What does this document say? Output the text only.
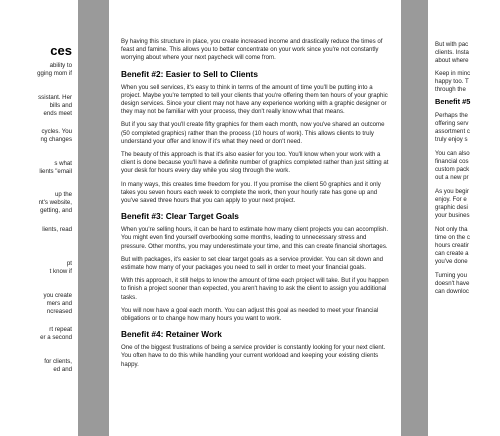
ces
ability to
gging mom if
ssistant. Her
bills and
ends meet
cycles. You
ng changes
s what
lients "email
up the
nt's website,
getting, and
lients, read
pt
t know if
you create
mers and
ncreased
rt repeat
er a second
for clients,
ed and

By having this structure in place, you create increased income and drastically reduce the times of feast and famine. This allows you to better concentrate on your work since you're not constantly worrying about where your next paycheck will come from.

Benefit #2: Easier to Sell to Clients

When you sell services, it's easy to think in terms of the amount of time you'll be putting into a project. Maybe you're tempted to tell your clients that you're offering them ten hours of your graphic design services. Since your client may not have any experience working with a graphic designer or they may not be familiar with your process, they don't really know what that means.

But if you say that you'll create fifty graphics for them each month, now you've shared an outcome (50 completed graphics) rather than the process (10 hours of work). This allows clients to truly understand your offer and know if it's what they need or don't need.

The beauty of this approach is that it's also easier for you too. You'll know when your work with a client is done because you'll have a definite number of graphics completed rather than just sitting at your desk for hours every day while you slog through the work.

In many ways, this creates time freedom for you. If you promise the client 50 graphics and it only takes you seven hours each week to complete the work, then your hourly rate has gone up and you've saved three hours that you can apply to your next project.

Benefit #3: Clear Target Goals

When you're selling hours, it can be hard to estimate how many client projects you can accomplish. You might even find yourself overbooking some months, leading to unnecessary stress and pressure. Other months, you may underestimate your time, and this can create financial shortages.

But with packages, it's easier to set clear target goals as a service provider. You can sit down and estimate how many of your packages you need to sell in order to meet your financial goals.

With this approach, it still helps to know the amount of time each project will take. But if you happen to finish a project sooner than expected, you aren't having to ask the client to assign you additional tasks.

You will now have a goal each month. You can adjust this goal as needed to meet your financial obligations or to change how many hours you want to work.

Benefit #4: Retainer Work

One of the biggest frustrations of being a service provider is constantly looking for your next client. You often have to do this while handling your current workload and keeping your existing clients happy.

But with pac
clients. Insta
about where
Keep in minc
happy too. T
through the
Benefit #5
Perhaps the
offering serv
assortment c
truly enjoy s
You can also
financial cos
custom pack
out a new pr
As you begir
enjoy. For e
graphic desi
your busines
Not only tha
time on the c
hours creatir
can create a
you've done
Turning you
doesn't have
can downloc
